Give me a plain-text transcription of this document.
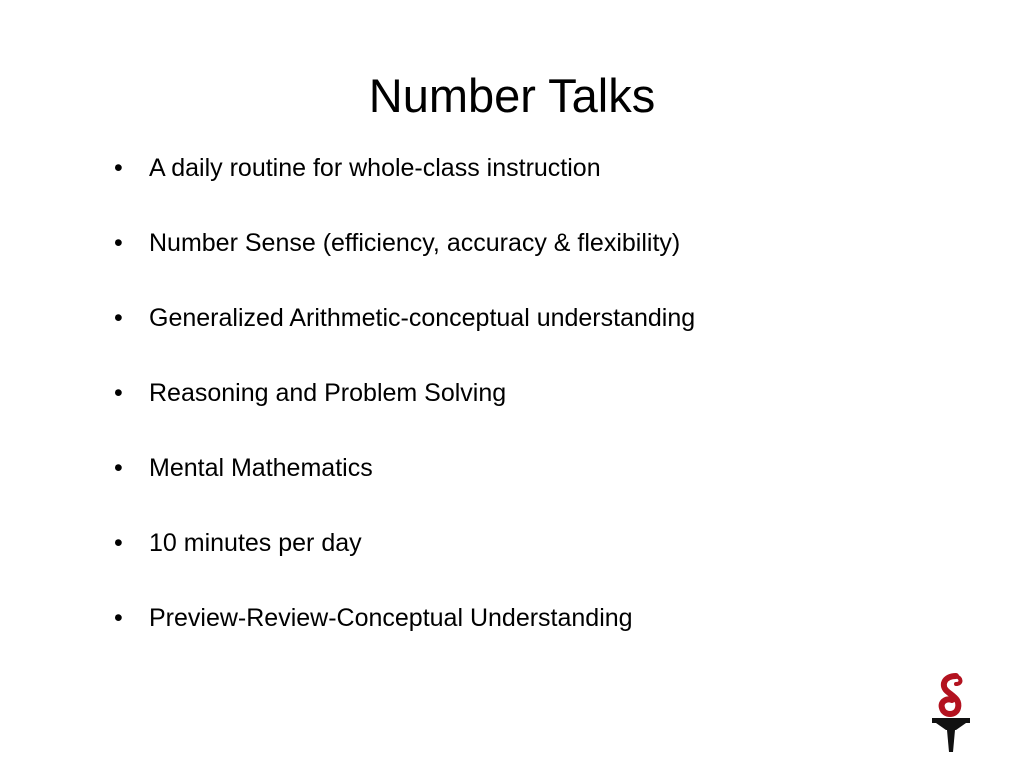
Number Talks
•	A daily routine for whole-class instruction
•	Number Sense (efficiency, accuracy & flexibility)
•	Generalized Arithmetic-conceptual understanding
•	Reasoning and Problem Solving
•	Mental Mathematics
•	10 minutes per day
•	Preview-Review-Conceptual Understanding
